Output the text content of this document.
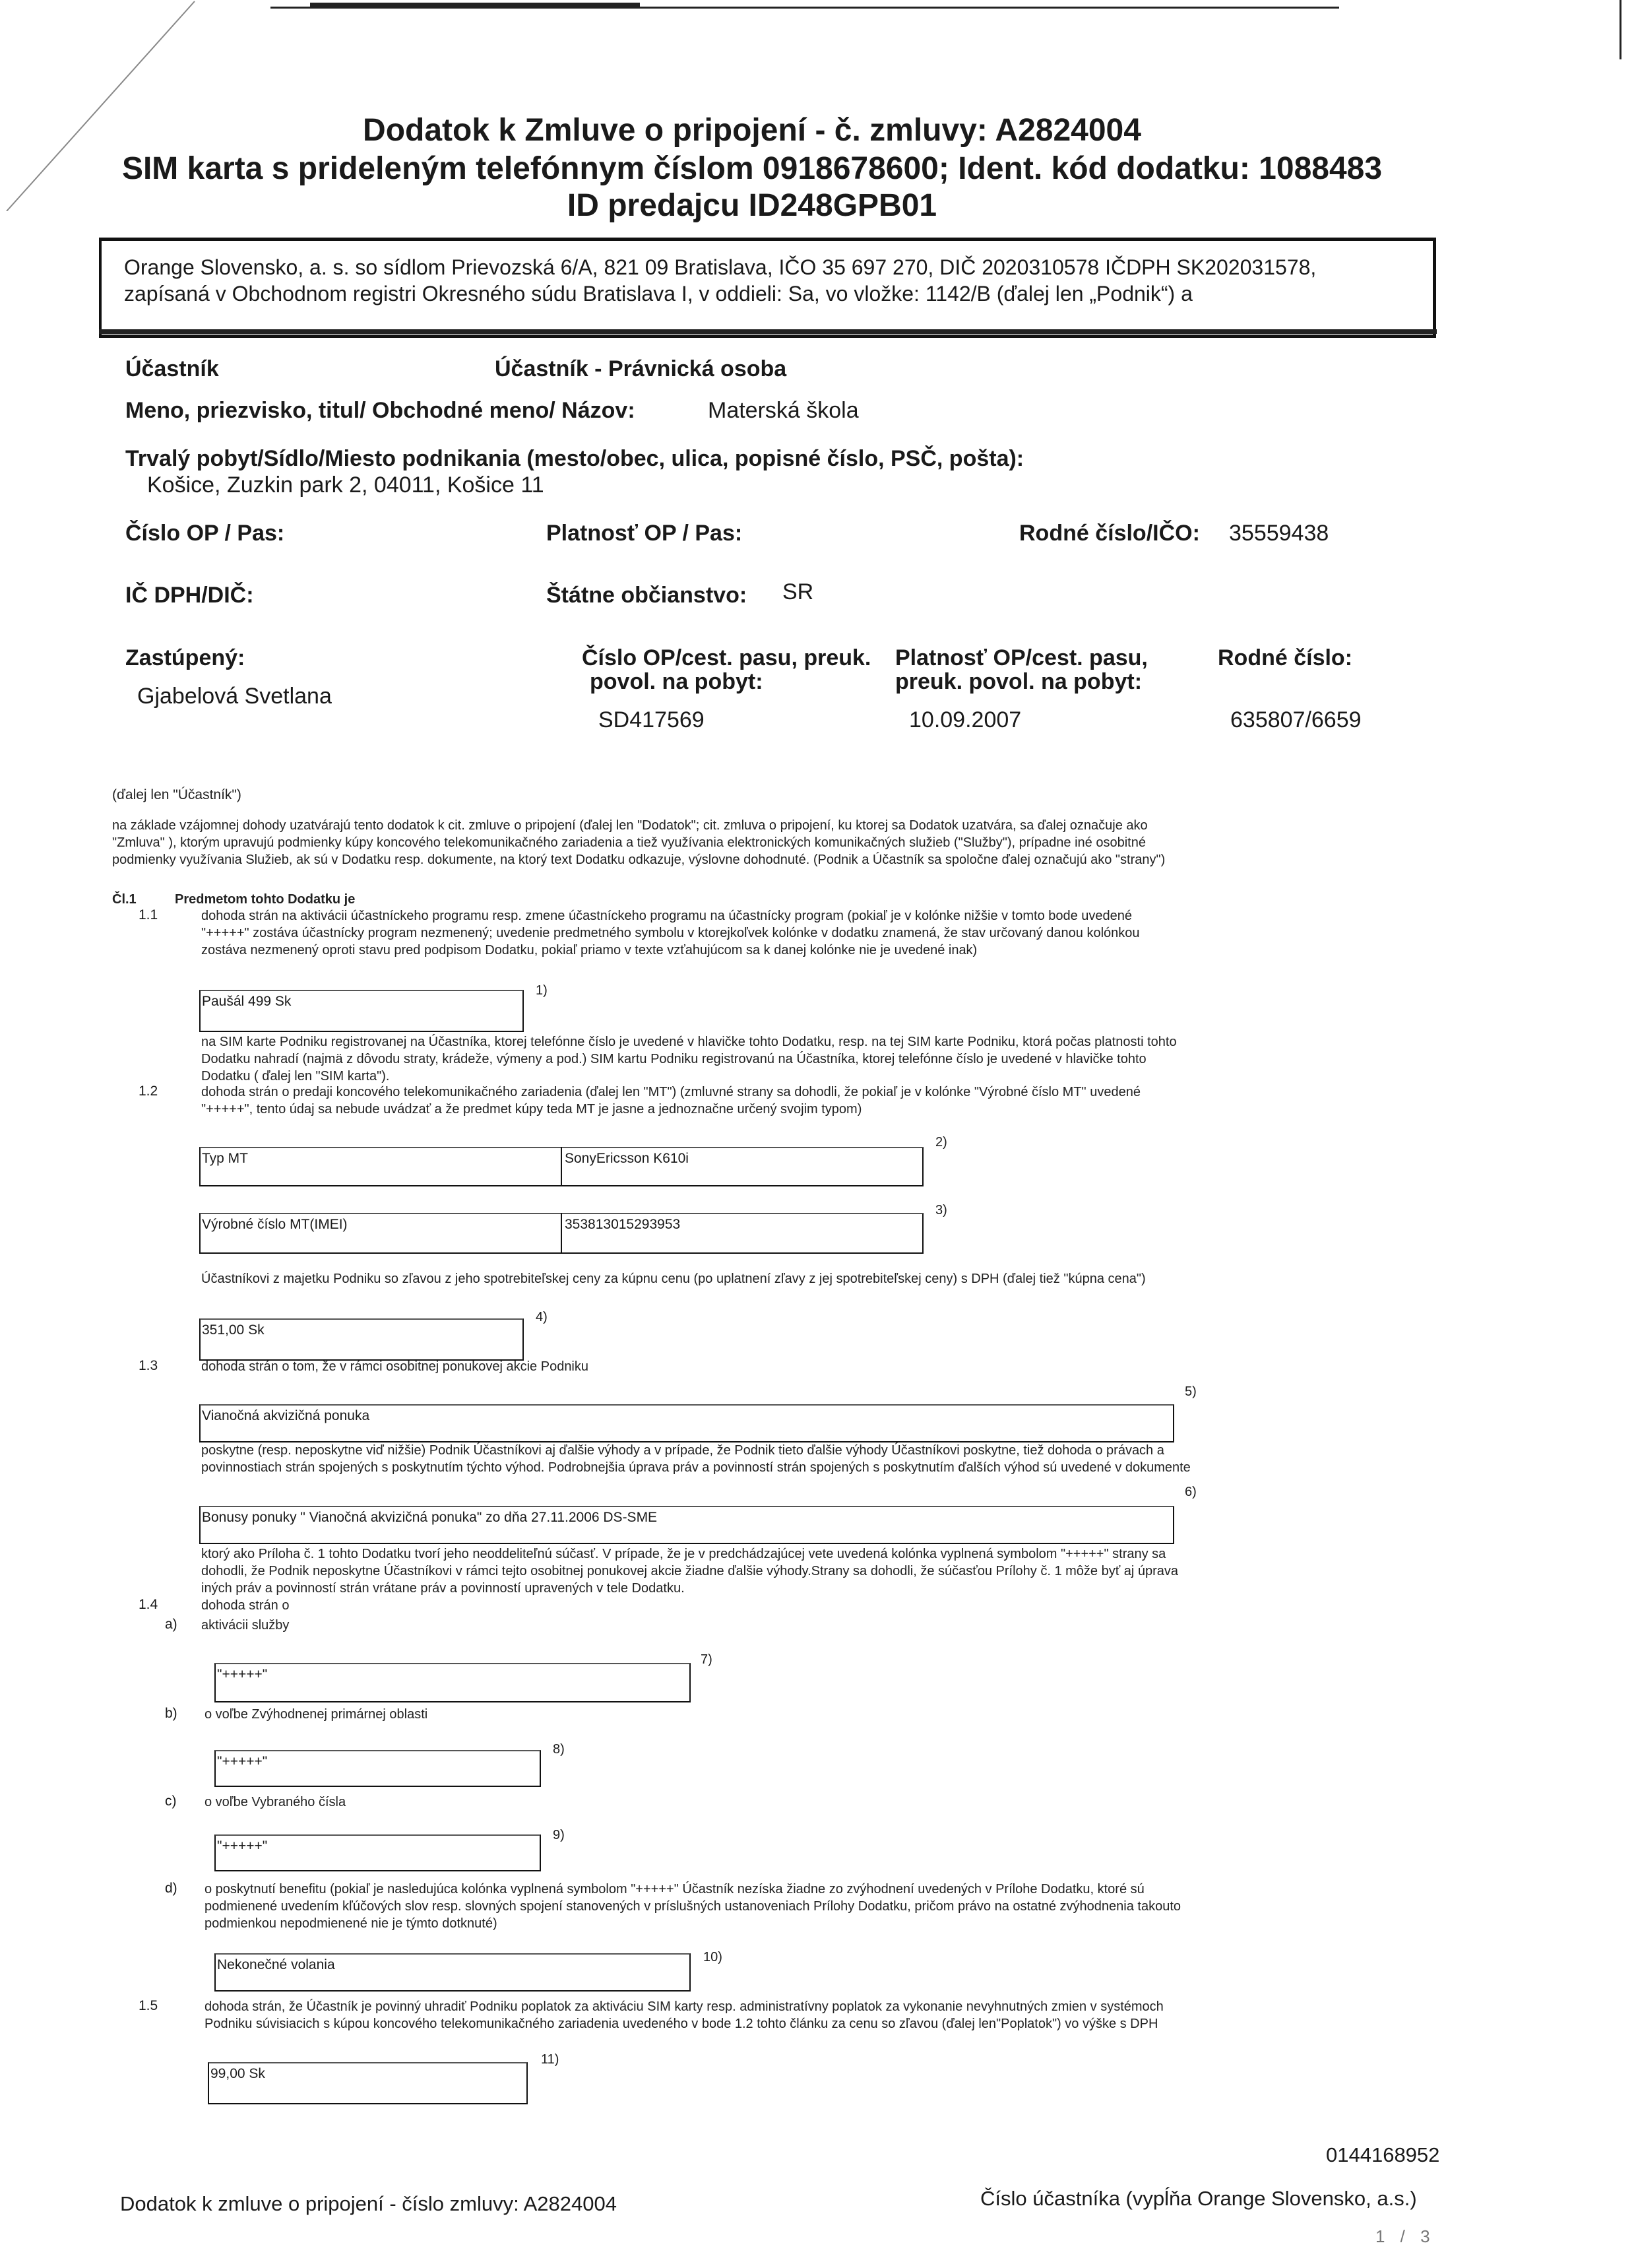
Dodatok k Zmluve o pripojení - č. zmluvy: A2824004
SIM karta s prideleným telefónnym číslom 0918678600; Ident. kód dodatku: 1088483
ID predajcu ID248GPB01
Orange Slovensko, a. s. so sídlom Prievozská 6/A, 821 09 Bratislava, IČO 35 697 270, DIČ 2020310578 IČDPH SK202031578,
zapísaná v Obchodnom registri Okresného súdu Bratislava I, v oddieli: Sa, vo vložke: 1142/B (ďalej len „Podnik“) a
Účastník	Účastník - Právnická osoba
Meno, priezvisko, titul/ Obchodné meno/ Názov:	Materská škola
Trvalý pobyt/Sídlo/Miesto podnikania (mesto/obec, ulica, popisné číslo, PSČ, pošta):
Košice, Zuzkin park 2, 04011, Košice 11
Číslo OP / Pas:	Platnosť OP / Pas:	Rodné číslo/IČO: 35559438
IČ DPH/DIČ:	Štátne občianstvo: SR
Zastúpený:
Gjabelová Svetlana
Číslo OP/cest. pasu, preuk.
povol. na pobyt:
SD417569
Platnosť OP/cest. pasu,
preuk. povol. na pobyt:
10.09.2007
Rodné číslo:
635807/6659
(ďalej len "Účastník")
na základe vzájomnej dohody uzatvárajú tento dodatok k cit. zmluve o pripojení (ďalej len "Dodatok"; cit. zmluva o pripojení, ku ktorej sa Dodatok uzatvára, sa ďalej označuje ako
"Zmluva" ), ktorým upravujú podmienky kúpy koncového telekomunikačného zariadenia a tiež využívania elektronických komunikačných služieb ("Služby"), prípadne iné osobitné
podmienky využívania Služieb, ak sú v Dodatku resp. dokumente, na ktorý text Dodatku odkazuje, výslovne dohodnuté. (Podnik a Účastník sa spoločne ďalej označujú ako "strany")
Čl.1	Predmetom tohto Dodatku je
1.1	dohoda strán na aktivácii účastníckeho programu resp. zmene účastníckeho programu na účastnícky program (pokiaľ je v kolónke nižšie v tomto bode uvedené
"+++++" zostáva účastnícky program nezmenený; uvedenie predmetného symbolu v ktorejkoľvek kolónke v dodatku znamená, že stav určovaný danou kolónkou
zostáva nezmenený oproti stavu pred podpisom Dodatku, pokiaľ priamo v texte vzťahujúcom sa k danej kolónke nie je uvedené inak)
Paušál 499 Sk
1)
na SIM karte Podniku registrovanej na Účastníka, ktorej telefónne číslo je uvedené v hlavičke tohto Dodatku, resp. na tej SIM karte Podniku, ktorá počas platnosti tohto
Dodatku nahradí (najmä z dôvodu straty, krádeže, výmeny a pod.) SIM kartu Podniku registrovanú na Účastníka, ktorej telefónne číslo je uvedené v hlavičke tohto
Dodatku ( ďalej len "SIM karta").
1.2	dohoda strán o predaji koncového telekomunikačného zariadenia (ďalej len "MT") (zmluvné strany sa dohodli, že pokiaľ je v kolónke "Výrobné číslo MT" uvedené
"+++++", tento údaj sa nebude uvádzať a že predmet kúpy teda MT je jasne a jednoznačne určený svojim typom)
Typ MT	SonyEricsson K610i
2)
Výrobné číslo MT(IMEI)	353813015293953
3)
Účastníkovi z majetku Podniku so zľavou z jeho spotrebiteľskej ceny za kúpnu cenu (po uplatnení zľavy z jej spotrebiteľskej ceny) s DPH (ďalej tiež "kúpna cena")
351,00 Sk
4)
1.3	dohoda strán o tom, že v rámci osobitnej ponukovej akcie Podniku
Vianočná akvizičná ponuka
5)
poskytne (resp. neposkytne viď nižšie) Podnik Účastníkovi aj ďalšie výhody a v prípade, že Podnik tieto ďalšie výhody Účastníkovi poskytne, tiež dohoda o právach a
povinnostiach strán spojených s poskytnutím týchto výhod. Podrobnejšia úprava práv a povinností strán spojených s poskytnutím ďalších výhod sú uvedené v dokumente
6)
Bonusy ponuky " Vianočná akvizičná ponuka" zo dňa 27.11.2006 DS-SME
ktorý ako Príloha č. 1 tohto Dodatku tvorí jeho neoddeliteľnú súčasť. V prípade, že je v predchádzajúcej vete uvedená kolónka vyplnená symbolom "+++++" strany sa
dohodli, že Podnik neposkytne Účastníkovi v rámci tejto osobitnej ponukovej akcie žiadne ďalšie výhody.Strany sa dohodli, že súčasťou Prílohy č. 1 môže byť aj úprava
iných práv a povinností strán vrátane práv a povinností upravených v tele Dodatku.
1.4	dohoda strán o
a) aktivácii služby
"+++++"
7)
b) o voľbe Zvýhodnenej primárnej oblasti
"+++++"
8)
c) o voľbe Vybraného čísla
"+++++"
9)
d) o poskytnutí benefitu (pokiaľ je nasledujúca kolónka vyplnená symbolom "+++++" Účastník nezíska žiadne zo zvýhodnení uvedených v Prílohe Dodatku, ktoré sú
podmienené uvedením kľúčových slov resp. slovných spojení stanovených v príslušných ustanoveniach Prílohy Dodatku, pričom právo na ostatné zvýhodnenia takouto
podmienkou nepodmienené nie je týmto dotknuté)
Nekonečné volania	10)
1.5	dohoda strán, že Účastník je povinný uhradiť Podniku poplatok za aktiváciu SIM karty resp. administratívny poplatok za vykonanie nevyhnutných zmien v systémoch
Podniku súvisiacich s kúpou koncového telekomunikačného zariadenia uvedeného v bode 1.2 tohto článku za cenu so zľavou (ďalej len"Poplatok") vo výške s DPH
99,00 Sk
11)
0144168952
Dodatok k zmluve o pripojení - číslo zmluvy: A2824004	Číslo účastníka (vypĺňa Orange Slovensko, a.s.)
1 / 3
